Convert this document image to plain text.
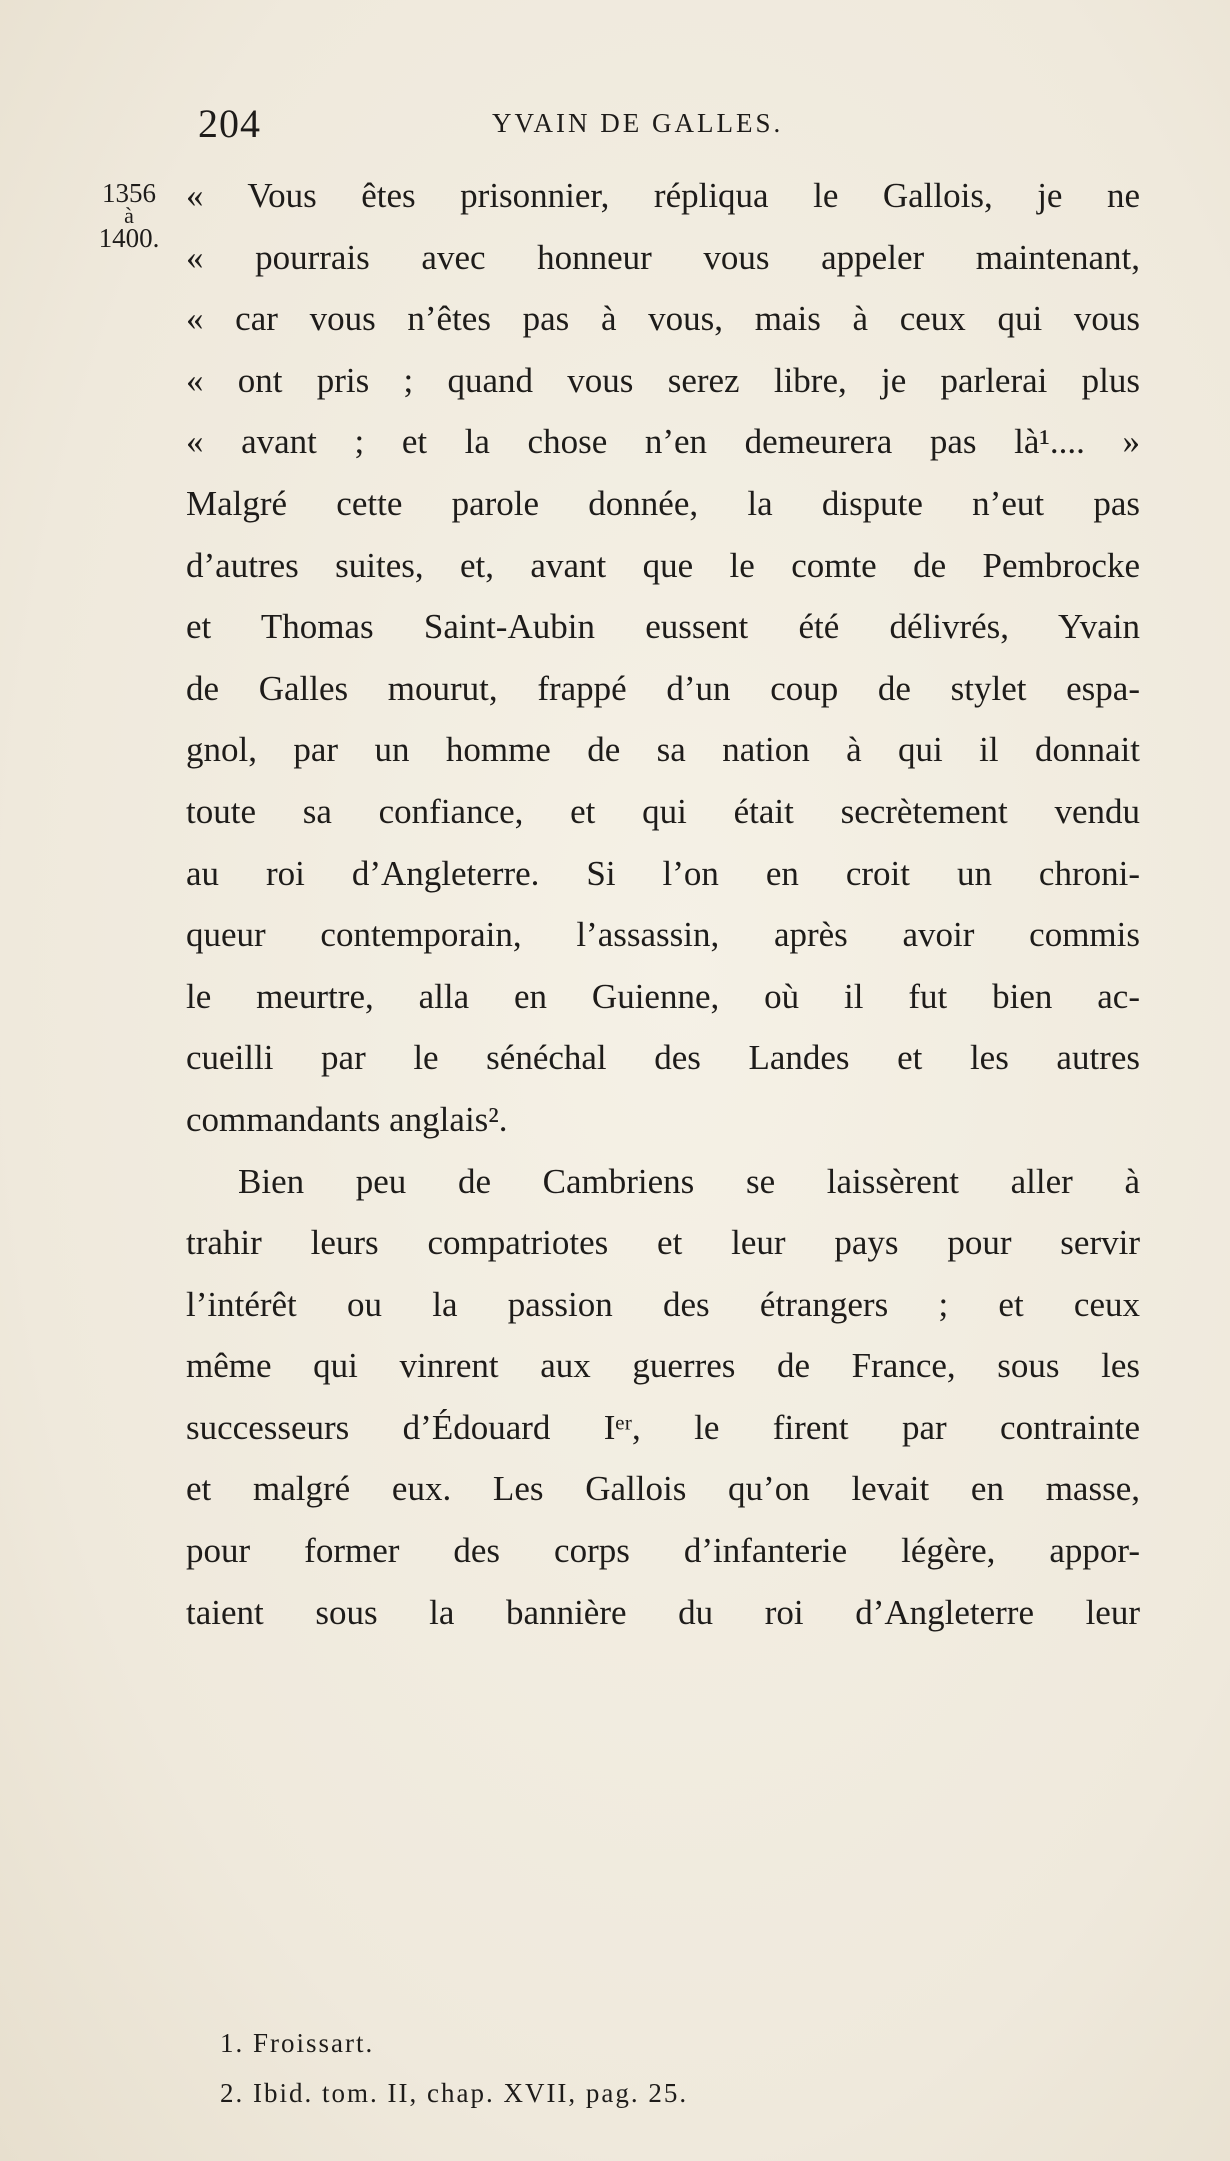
204	YVAIN DE GALLES.
1356
à
1400.
« Vous êtes prisonnier, répliqua le Gallois, je ne
« pourrais avec honneur vous appeler maintenant,
« car vous n’êtes pas à vous, mais à ceux qui vous
« ont pris ; quand vous serez libre, je parlerai plus
« avant ; et la chose n’en demeurera pas là¹.... »
Malgré cette parole donnée, la dispute n’eut pas
d’autres suites, et, avant que le comte de Pembrocke
et Thomas Saint-Aubin eussent été délivrés, Yvain
de Galles mourut, frappé d’un coup de stylet espa-
gnol, par un homme de sa nation à qui il donnait
toute sa confiance, et qui était secrètement vendu
au roi d’Angleterre. Si l’on en croit un chroni-
queur contemporain, l’assassin, après avoir commis
le meurtre, alla en Guienne, où il fut bien ac-
cueilli par le sénéchal des Landes et les autres
commandants anglais².
Bien peu de Cambriens se laissèrent aller à
trahir leurs compatriotes et leur pays pour servir
l’intérêt ou la passion des étrangers ; et ceux
même qui vinrent aux guerres de France, sous les
successeurs d’Édouard Iᵉʳ, le firent par contrainte
et malgré eux. Les Gallois qu’on levait en masse,
pour former des corps d’infanterie légère, appor-
taient sous la bannière du roi d’Angleterre leur
1. Froissart.
2. Ibid. tom. II, chap. XVII, pag. 25.
